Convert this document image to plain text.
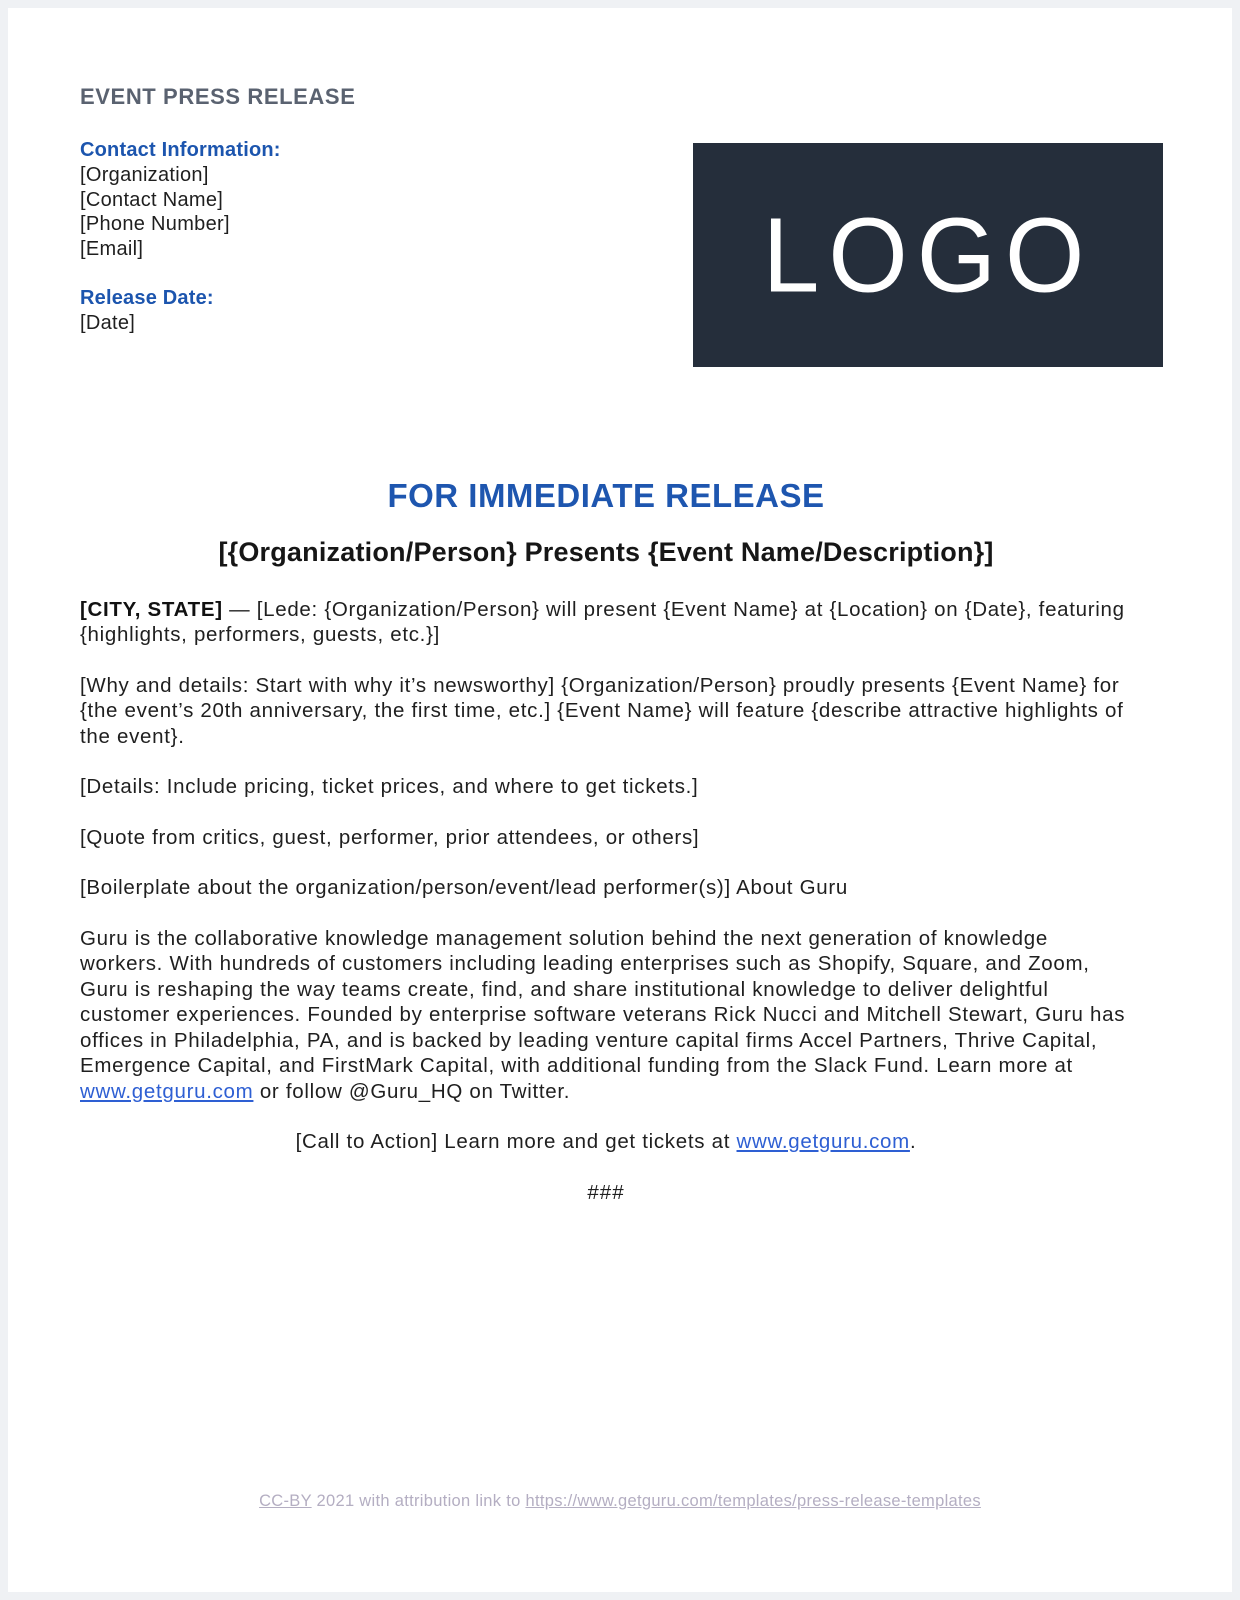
EVENT PRESS RELEASE
Contact Information:
[Organization]
[Contact Name]
[Phone Number]
[Email]
Release Date:
[Date]
LOGO
FOR IMMEDIATE RELEASE
[{Organization/Person} Presents {Event Name/Description}]

[CITY, STATE] — [Lede: {Organization/Person} will present {Event Name} at {Location} on {Date}, featuring {highlights, performers, guests, etc.}]

[Why and details: Start with why it’s newsworthy] {Organization/Person} proudly presents {Event Name} for {the event’s 20th anniversary, the first time, etc.] {Event Name} will feature {describe attractive highlights of the event}.

[Details: Include pricing, ticket prices, and where to get tickets.]

[Quote from critics, guest, performer, prior attendees, or others]

[Boilerplate about the organization/person/event/lead performer(s)] About Guru

Guru is the collaborative knowledge management solution behind the next generation of knowledge workers. With hundreds of customers including leading enterprises such as Shopify, Square, and Zoom, Guru is reshaping the way teams create, find, and share institutional knowledge to deliver delightful customer experiences. Founded by enterprise software veterans Rick Nucci and Mitchell Stewart, Guru has offices in Philadelphia, PA, and is backed by leading venture capital firms Accel Partners, Thrive Capital, Emergence Capital, and FirstMark Capital, with additional funding from the Slack Fund. Learn more at www.getguru.com or follow @Guru_HQ on Twitter.

[Call to Action] Learn more and get tickets at www.getguru.com.

###

CC-BY 2021 with attribution link to https://www.getguru.com/templates/press-release-templates
